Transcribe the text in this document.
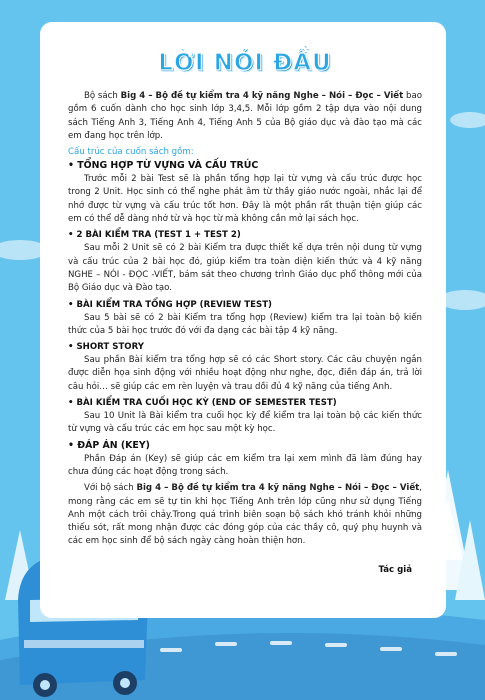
LỜI NÓI ĐẦU

Bộ sách Big 4 – Bộ đề tự kiểm tra 4 kỹ năng Nghe – Nói – Đọc – Viết bao gồm 6 cuốn dành cho học sinh lớp 3,4,5. Mỗi lớp gồm 2 tập dựa vào nội dung sách Tiếng Anh 3, Tiếng Anh 4, Tiếng Anh 5 của Bộ giáo dục và đào tạo mà các em đang học trên lớp.

Cấu trúc của cuốn sách gồm:
• TỔNG HỢP TỪ VỰNG VÀ CẤU TRÚC

Trước mỗi 2 bài Test sẽ là phần tổng hợp lại từ vựng và cấu trúc được học trong 2 Unit. Học sinh có thể nghe phát âm từ thầy giáo nước ngoài, nhắc lại để nhớ được từ vựng và cấu trúc tốt hơn. Đây là một phần rất thuận tiện giúp các em có thể dễ dàng nhớ từ và học từ mà không cần mở lại sách học.

• 2 BÀI KIỂM TRA (TEST 1 + TEST 2)

Sau mỗi 2 Unit sẽ có 2 bài Kiểm tra được thiết kế dựa trên nội dung từ vựng và cấu trúc của 2 bài học đó, giúp kiểm tra toàn diện kiến thức và 4 kỹ năng NGHE – NÓI - ĐỌC -VIẾT, bám sát theo chương trình Giáo dục phổ thông mới của Bộ Giáo dục và Đào tạo.

• BÀI KIỂM TRA TỔNG HỢP (REVIEW TEST)

Sau 5 bài sẽ có 2 bài Kiểm tra tổng hợp (Review) kiểm tra lại toàn bộ kiến thức của 5 bài học trước đó với đa dạng các bài tập 4 kỹ năng.

• SHORT STORY

Sau phần Bài kiểm tra tổng hợp sẽ có các Short story. Các câu chuyện ngắn được diễn họa sinh động với nhiều hoạt động như nghe, đọc, điền đáp án, trả lời câu hỏi… sẽ giúp các em rèn luyện và trau dồi đủ 4 kỹ năng của tiếng Anh.

• BÀI KIỂM TRA CUỐI HỌC KỲ (END OF SEMESTER TEST)

Sau 10 Unit là Bài kiểm tra cuối học kỳ để kiểm tra lại toàn bộ các kiến thức từ vựng và cấu trúc các em học sau một kỳ học.

• ĐÁP ÁN (KEY)

Phần Đáp án (Key) sẽ giúp các em kiểm tra lại xem mình đã làm đúng hay chưa đúng các hoạt động trong sách.

Với bộ sách Big 4 – Bộ đề tự kiểm tra 4 kỹ năng Nghe – Nói – Đọc – Viết, mong rằng các em sẽ tự tin khi học Tiếng Anh trên lớp cũng như sử dụng Tiếng Anh một cách trôi chảy.Trong quá trình biên soạn bộ sách khó tránh khỏi những thiếu sót, rất mong nhận được các đóng góp của các thầy cô, quý phụ huynh và các em học sinh để bộ sách ngày càng hoàn thiện hơn.

Tác giả
